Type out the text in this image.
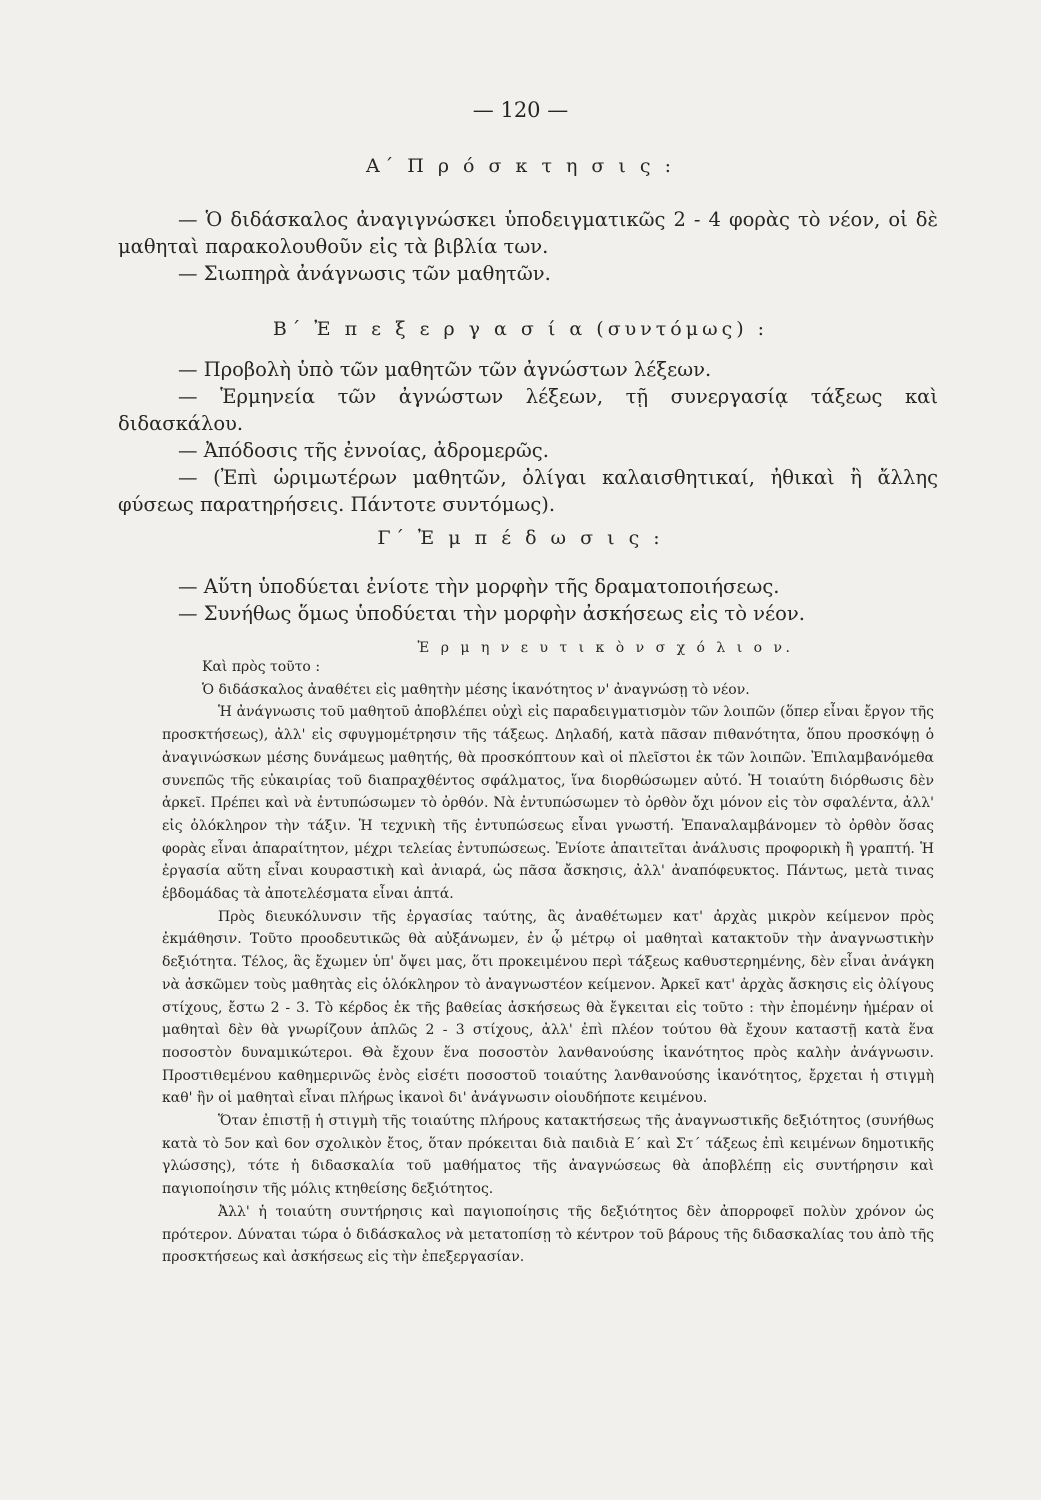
— 120 —
Α΄ Π ρ ό σ κ τ η σ ι ς :

— Ὁ διδάσκαλος ἀναγιγνώσκει ὑποδειγματικῶς 2 - 4 φορὰς τὸ νέον, οἱ δὲ μαθηταὶ παρακολουθοῦν εἰς τὰ βιβλία των.

— Σιωπηρὰ ἀνάγνωσις τῶν μαθητῶν.

Β΄ Ἐ π ε ξ ε ρ γ α σ ί α (συντόμως) :

— Προβολὴ ὑπὸ τῶν μαθητῶν τῶν ἀγνώστων λέξεων.

— Ἑρμηνεία τῶν ἀγνώστων λέξεων, τῇ συνεργασίᾳ τάξεως καὶ διδασκάλου.

— Ἀπόδοσις τῆς ἐννοίας, ἀδρομερῶς.

— (Ἐπὶ ὡριμωτέρων μαθητῶν, ὀλίγαι καλαισθητικαί, ἠθικαὶ ἢ ἄλλης φύσεως παρατηρήσεις. Πάντοτε συντόμως).

Γ΄ Ἐ μ π έ δ ω σ ι ς :

— Αὕτη ὑποδύεται ἐνίοτε τὴν μορφὴν τῆς δραματοποιήσεως.

— Συνήθως ὅμως ὑποδύεται τὴν μορφὴν ἀσκήσεως εἰς τὸ νέον.

Ἑ ρ μ η ν ε υ τ ι κ ὸ ν σ χ ό λ ι ο ν.

Καὶ πρὸς τοῦτο :

Ὁ διδάσκαλος ἀναθέτει εἰς μαθητὴν μέσης ἱκανότητος ν' ἀναγνώσῃ τὸ νέον.

Ἡ ἀνάγνωσις τοῦ μαθητοῦ ἀποβλέπει οὐχὶ εἰς παραδειγματισμὸν τῶν λοιπῶν (ὅπερ εἶναι ἔργον τῆς προσκτήσεως), ἀλλ' εἰς σφυγμομέτρησιν τῆς τάξεως. Δηλαδή, κατὰ πᾶσαν πιθανότητα, ὅπου προσκόψῃ ὁ ἀναγινώσκων μέσης δυνάμεως μαθητής, θὰ προσκόπτουν καὶ οἱ πλεῖστοι ἐκ τῶν λοιπῶν. Ἐπιλαμβανόμεθα συνεπῶς τῆς εὐκαιρίας τοῦ διαπραχθέντος σφάλματος, ἵνα διορθώσωμεν αὐτό. Ἡ τοιαύτη διόρθωσις δὲν ἀρκεῖ. Πρέπει καὶ νὰ ἐντυπώσωμεν τὸ ὀρθόν. Νὰ ἐντυπώσωμεν τὸ ὀρθὸν ὄχι μόνον εἰς τὸν σφαλέντα, ἀλλ' εἰς ὁλόκληρον τὴν τάξιν. Ἡ τεχνικὴ τῆς ἐντυπώσεως εἶναι γνωστή. Ἐπαναλαμβάνομεν τὸ ὀρθὸν ὅσας φορὰς εἶναι ἀπαραίτητον, μέχρι τελείας ἐντυπώσεως. Ἐνίοτε ἀπαιτεῖται ἀνάλυσις προφορικὴ ἢ γραπτή. Ἡ ἐργασία αὕτη εἶναι κουραστικὴ καὶ ἀνιαρά, ὡς πᾶσα ἄσκησις, ἀλλ' ἀναπόφευκτος. Πάντως, μετὰ τινας ἑβδομάδας τὰ ἀποτελέσματα εἶναι ἁπτά.

Πρὸς διευκόλυνσιν τῆς ἐργασίας ταύτης, ἃς ἀναθέτωμεν κατ' ἀρχὰς μικρὸν κείμενον πρὸς ἐκμάθησιν. Τοῦτο προοδευτικῶς θὰ αὐξάνωμεν, ἐν ᾧ μέτρῳ οἱ μαθηταὶ κατακτοῦν τὴν ἀναγνωστικὴν δεξιότητα. Τέλος, ἃς ἔχωμεν ὑπ' ὄψει μας, ὅτι προκειμένου περὶ τάξεως καθυστερημένης, δὲν εἶναι ἀνάγκη νὰ ἀσκῶμεν τοὺς μαθητὰς εἰς ὁλόκληρον τὸ ἀναγνωστέον κείμενον. Ἀρκεῖ κατ' ἀρχὰς ἄσκησις εἰς ὀλίγους στίχους, ἔστω 2 - 3. Τὸ κέρδος ἐκ τῆς βαθείας ἀσκήσεως θὰ ἔγκειται εἰς τοῦτο : τὴν ἐπομένην ἡμέραν οἱ μαθηταὶ δὲν θὰ γνωρίζουν ἁπλῶς 2 - 3 στίχους, ἀλλ' ἐπὶ πλέον τούτου θὰ ἔχουν καταστῇ κατὰ ἕνα ποσοστὸν δυναμικώτεροι. Θὰ ἔχουν ἕνα ποσοστὸν λανθανούσης ἱκανότητος πρὸς καλὴν ἀνάγνωσιν. Προστιθεμένου καθημερινῶς ἑνὸς εἰσέτι ποσοστοῦ τοιαύτης λανθανούσης ἱκανότητος, ἔρχεται ἡ στιγμὴ καθ' ἣν οἱ μαθηταὶ εἶναι πλήρως ἱκανοὶ δι' ἀνάγνωσιν οἱουδήποτε κειμένου.

Ὅταν ἐπιστῇ ἡ στιγμὴ τῆς τοιαύτης πλήρους κατακτήσεως τῆς ἀναγνωστικῆς δεξιότητος (συνήθως κατὰ τὸ 5ον καὶ 6ον σχολικὸν ἔτος, ὅταν πρόκειται διὰ παιδιὰ Ε΄ καὶ Στ΄ τάξεως ἐπὶ κειμένων δημοτικῆς γλώσσης), τότε ἡ διδασκαλία τοῦ μαθήματος τῆς ἀναγνώσεως θὰ ἀποβλέπῃ εἰς συντήρησιν καὶ παγιοποίησιν τῆς μόλις κτηθείσης δεξιότητος.

Ἀλλ' ἡ τοιαύτη συντήρησις καὶ παγιοποίησις τῆς δεξιότητος δὲν ἀπορροφεῖ πολὺν χρόνον ὡς πρότερον. Δύναται τώρα ὁ διδάσκαλος νὰ μετατοπίσῃ τὸ κέντρον τοῦ βάρους τῆς διδασκαλίας του ἀπὸ τῆς προσκτήσεως καὶ ἀσκήσεως εἰς τὴν ἐπεξεργασίαν.
